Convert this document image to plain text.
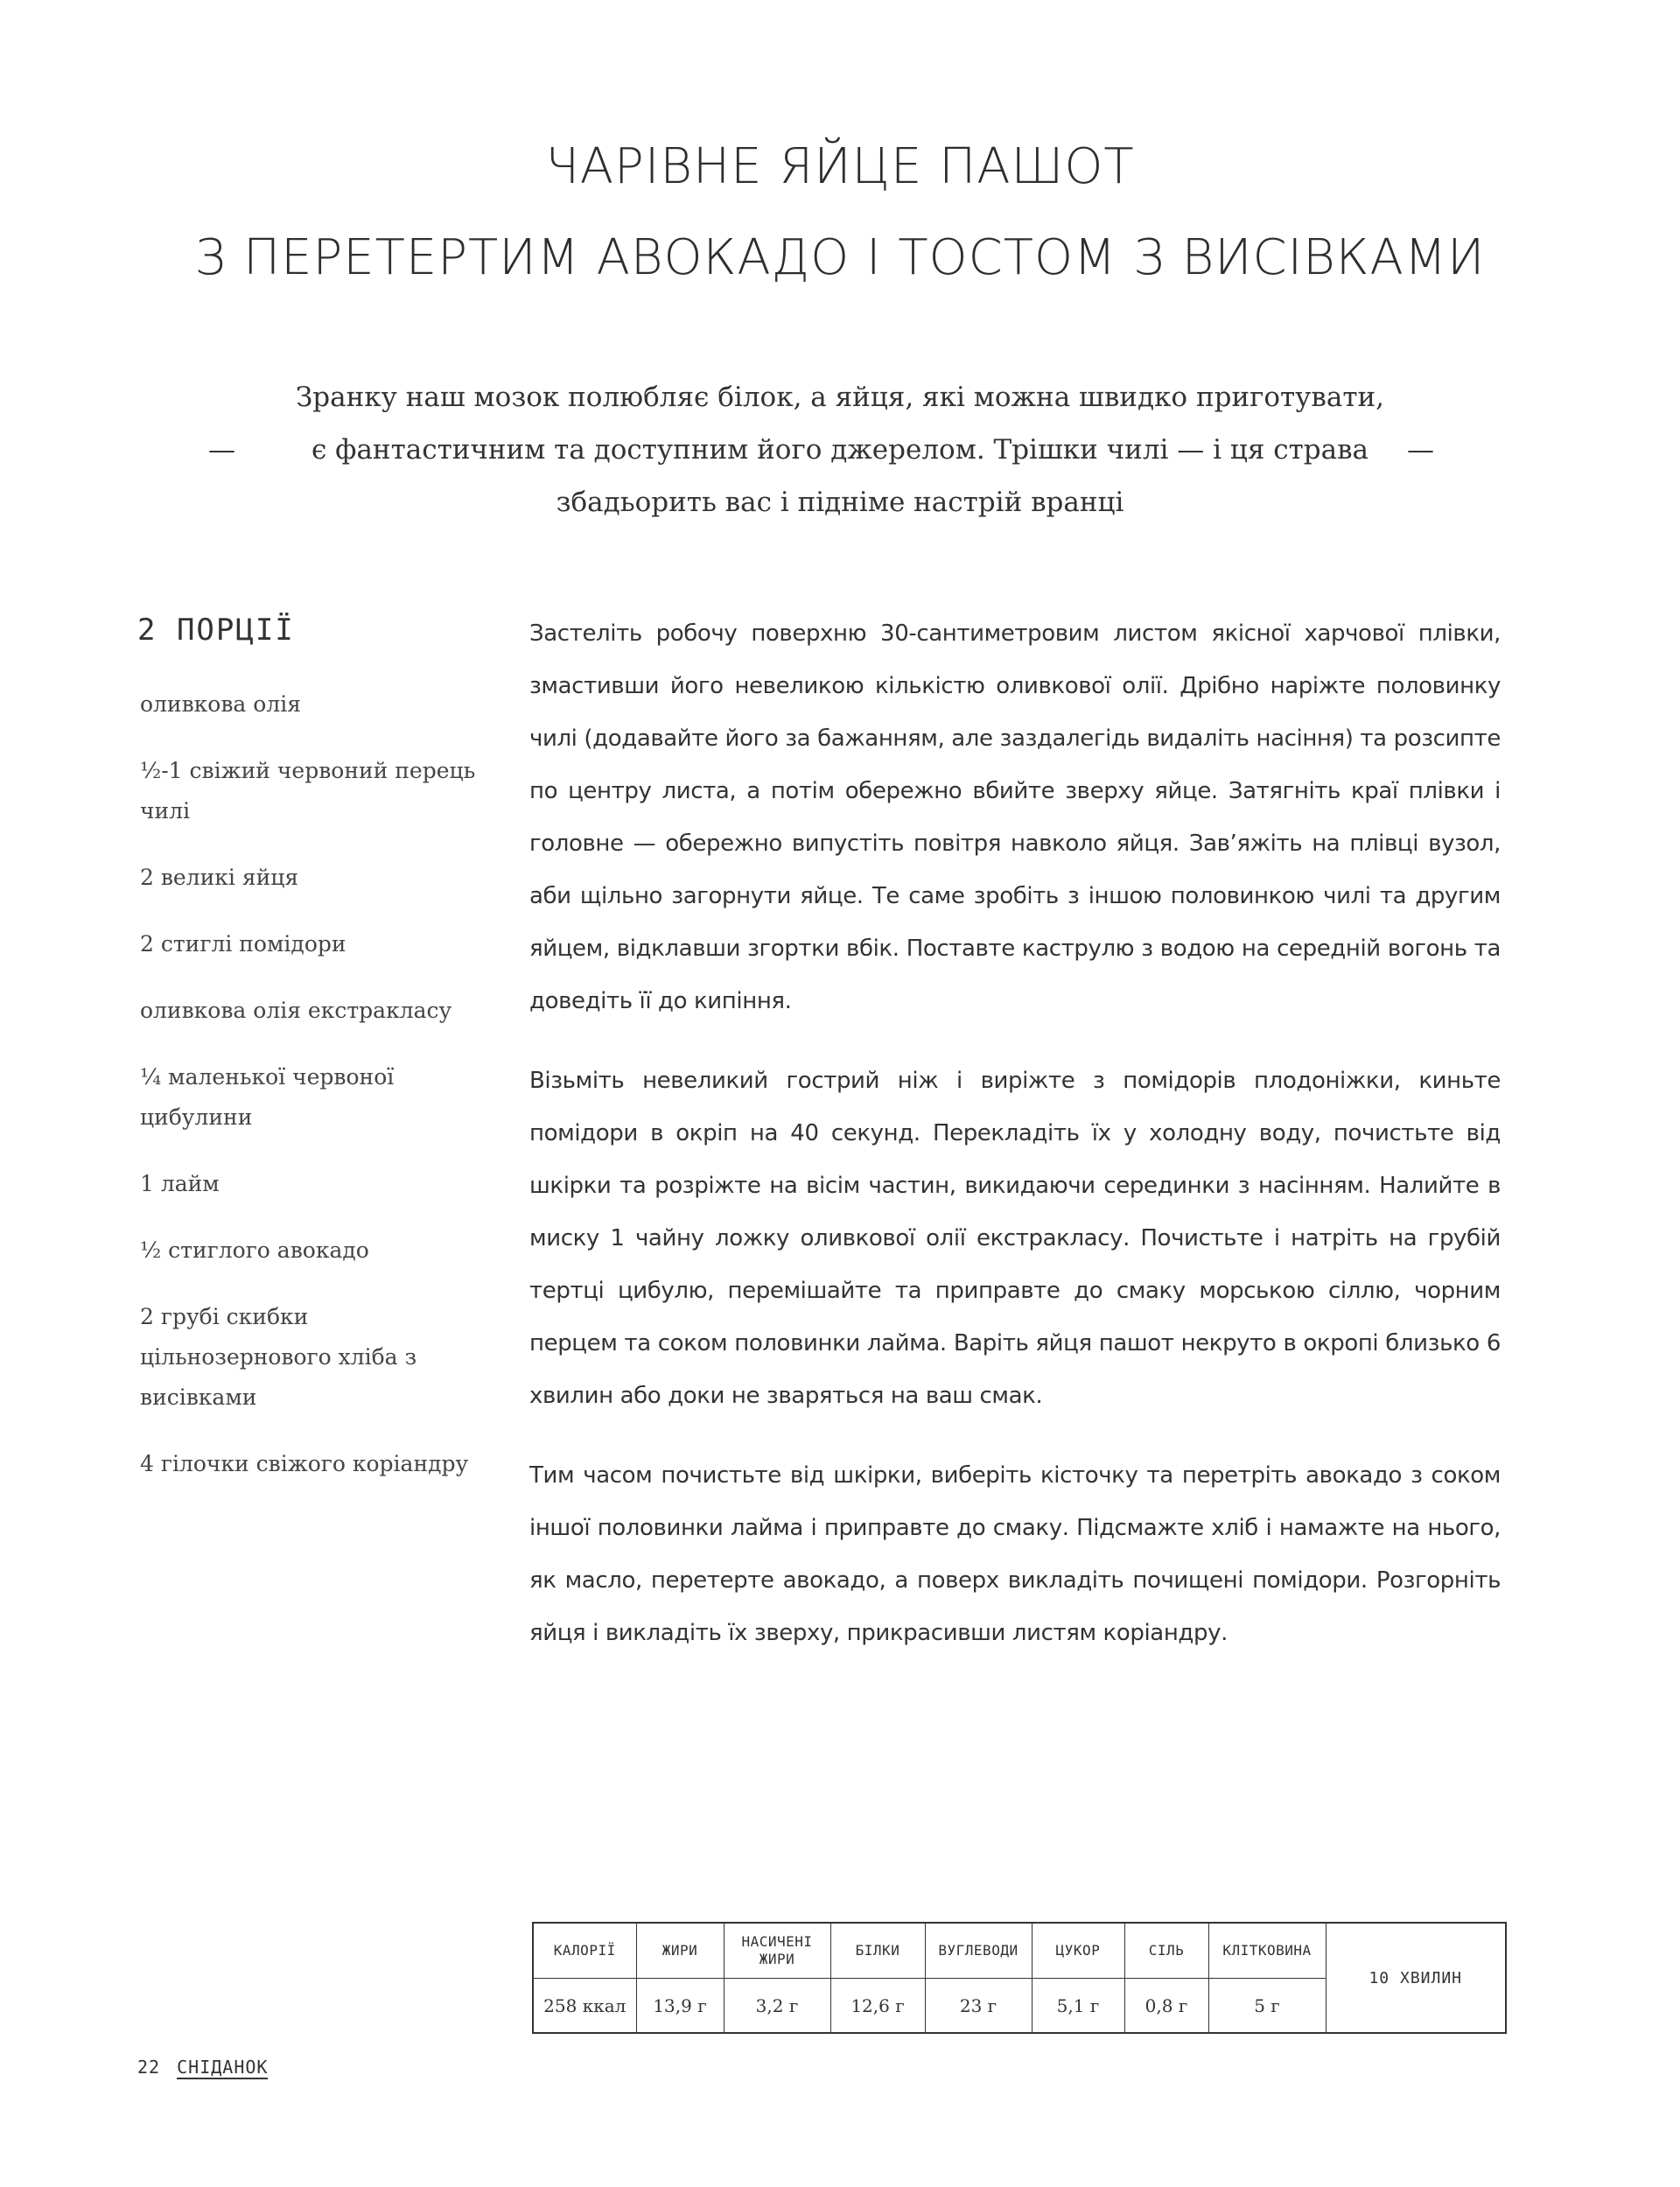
ЧАРІВНЕ ЯЙЦЕ ПАШОТ
З ПЕРЕТЕРТИМ АВОКАДО І ТОСТОМ З ВИСІВКАМИ
Зранку наш мозок полюбляє білок, а яйця, які можна швидко приготувати,
—	є фантастичним та доступним його джерелом. Трішки чилі — і ця страва	—
збадьорить вас і підніме настрій вранці
2 ПОРЦІЇ
оливкова олія
½-1 свіжий червоний перець чилі
2 великі яйця
2 стиглі помідори
оливкова олія екстракласу
¼ маленької червоної цибулини
1 лайм
½ стиглого авокадо
2 грубі скибки цільнозернового хліба з висівками
4 гілочки свіжого коріандру

Застеліть робочу поверхню 30-сантиметровим листом якісної харчової плівки, змастивши його невеликою кількістю оливкової олії. Дрібно наріжте половинку чилі (додавайте його за бажанням, але заздалегідь видаліть насіння) та розсипте по центру листа, а потім обережно вбийте зверху яйце. Затягніть краї плівки і головне — обережно випустіть повітря навколо яйця. Зав’яжіть на плівці вузол, аби щільно загорнути яйце. Те саме зробіть з іншою половинкою чилі та другим яйцем, відклавши згортки вбік. Поставте каструлю з водою на середній вогонь та доведіть її до кипіння.

Візьміть невеликий гострий ніж і виріжте з помідорів плодоніжки, киньте помідори в окріп на 40 секунд. Перекладіть їх у холодну воду, почистьте від шкірки та розріжте на вісім частин, викидаючи серединки з насінням. Налийте в миску 1 чайну ложку оливкової олії екстракласу. Почистьте і натріть на грубій тертці цибулю, перемішайте та приправте до смаку морською сіллю, чорним перцем та соком половинки лайма. Варіть яйця пашот некруто в окропі близько 6 хвилин або доки не зваряться на ваш смак.

Тим часом почистьте від шкірки, виберіть кісточку та перетріть авокадо з соком іншої половинки лайма і приправте до смаку. Підсмажте хліб і намажте на нього, як масло, перетерте авокадо, а поверх викладіть почищені помідори. Розгорніть яйця і викладіть їх зверху, прикрасивши листям коріандру.

КАЛОРІЇ	ЖИРИ	НАСИЧЕНІ ЖИРИ	БІЛКИ	ВУГЛЕВОДИ	ЦУКОР	СІЛЬ	КЛІТКОВИНА	10 ХВИЛИН
258 ккал	13,9 г	3,2 г	12,6 г	23 г	5,1 г	0,8 г	5 г	
22 СНІДАНОК
